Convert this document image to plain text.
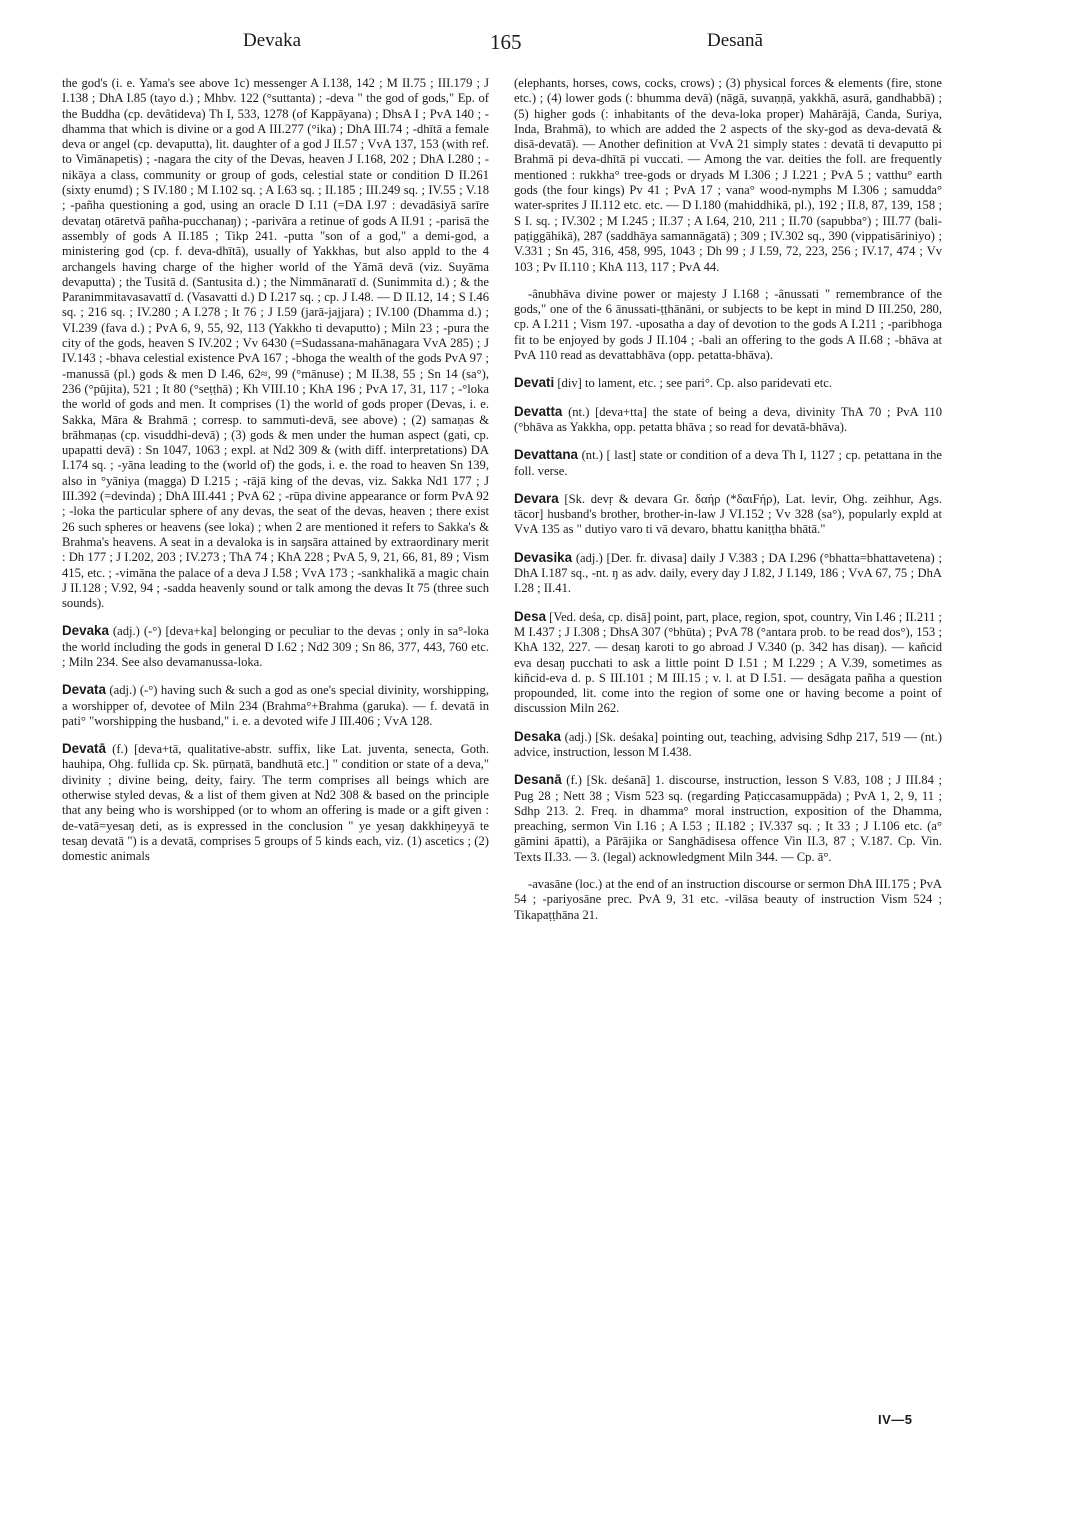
Devaka	165	Desanā

the god's (i. e. Yama's see above 1c) messenger A I.138, 142 ; M II.75 ; III.179 ; J I.138 ; DhA I.85 (tayo d.) ; Mhbv. 122 (°suttanta) ; -deva " the god of gods," Ep. of the Buddha (cp. devâtideva) Th I, 533, 1278 (of Kappāyana) ; DhsA I ; PvA 140 ; -dhamma that which is divine or a god A III.277 (°ika) ; DhA III.74 ; -dhītā a female deva or angel (cp. devaputta), lit. daughter of a god J II.57 ; VvA 137, 153 (with ref. to Vimānapetis) ; -nagara the city of the Devas, heaven J I.168, 202 ; DhA I.280 ; -nikāya a class, community or group of gods, celestial state or condition D II.261 (sixty enumd) ; S IV.180 ; M I.102 sq. ; A I.63 sq. ; II.185 ; III.249 sq. ; IV.55 ; V.18 ; -pañha questioning a god, using an oracle D I.11 (=DA I.97 : devadāsiyā sarīre devataŋ otāretvā pañha-pucchanaŋ) ; -parivāra a retinue of gods A II.91 ; -parisā the assembly of gods A II.185 ; Tikp 241. -putta "son of a god," a demi-god, a ministering god (cp. f. deva-dhītā), usually of Yakkhas, but also appld to the 4 archangels having charge of the higher world of the Yāmā devā (viz. Suyāma devaputta) ; the Tusitā d. (Santusita d.) ; the Nimmānaratī d. (Sunimmita d.) ; & the Paranimmitavasavattī d. (Vasavatti d.) D I.217 sq. ; cp. J I.48. — D II.12, 14 ; S I.46 sq. ; 216 sq. ; IV.280 ; A I.278 ; It 76 ; J I.59 (jarā-jajjara) ; IV.100 (Dhamma d.) ; VI.239 (fava d.) ; PvA 6, 9, 55, 92, 113 (Yakkho ti devaputto) ; Miln 23 ; -pura the city of the gods, heaven S IV.202 ; Vv 6430 (=Sudassana-mahānagara VvA 285) ; J IV.143 ; -bhava celestial existence PvA 167 ; -bhoga the wealth of the gods PvA 97 ; -manussā (pl.) gods & men D I.46, 62≈, 99 (°mānuse) ; M II.38, 55 ; Sn 14 (sa°), 236 (°pūjita), 521 ; It 80 (°seṭṭhā) ; Kh VIII.10 ; KhA 196 ; PvA 17, 31, 117 ; -°loka the world of gods and men. It comprises (1) the world of gods proper (Devas, i. e. Sakka, Māra & Brahmā ; corresp. to sammuti-devā, see above) ; (2) samaṇas & brāhmaṇas (cp. visuddhi-devā) ; (3) gods & men under the human aspect (gati, cp. upapatti devā) : Sn 1047, 1063 ; expl. at Nd2 309 & (with diff. interpretations) DA I.174 sq. ; -yāna leading to the (world of) the gods, i. e. the road to heaven Sn 139, also in °yāniya (magga) D I.215 ; -rājā king of the devas, viz. Sakka Nd1 177 ; J III.392 (=devinda) ; DhA III.441 ; PvA 62 ; -rūpa divine appearance or form PvA 92 ; -loka the particular sphere of any devas, the seat of the devas, heaven ; there exist 26 such spheres or heavens (see loka) ; when 2 are mentioned it refers to Sakka's & Brahma's heavens. A seat in a devaloka is in saŋsāra attained by extraordinary merit : Dh 177 ; J I.202, 203 ; IV.273 ; ThA 74 ; KhA 228 ; PvA 5, 9, 21, 66, 81, 89 ; Vism 415, etc. ; -vimāna the palace of a deva J I.58 ; VvA 173 ; -sankhalikā a magic chain J II.128 ; V.92, 94 ; -sadda heavenly sound or talk among the devas It 75 (three such sounds).

Devaka (adj.) (-°) [deva+ka] belonging or peculiar to the devas ; only in sa°-loka the world including the gods in general D I.62 ; Nd2 309 ; Sn 86, 377, 443, 760 etc. ; Miln 234. See also devamanussa-loka.

Devata (adj.) (-°) having such & such a god as one's special divinity, worshipping, a worshipper of, devotee of Miln 234 (Brahma°+Brahma (garuka). — f. devatā in pati° "worshipping the husband," i. e. a devoted wife J III.406 ; VvA 128.

Devatā (f.) [deva+tā, qualitative-abstr. suffix, like Lat. juventa, senecta, Goth. hauhipa, Ohg. fullida cp. Sk. pūrṇatā, bandhutā etc.] " condition or state of a deva," divinity ; divine being, deity, fairy. The term comprises all beings which are otherwise styled devas, & a list of them given at Nd2 308 & based on the principle that any being who is worshipped (or to whom an offering is made or a gift given : de-vatā=yesaŋ deti, as is expressed in the conclusion " ye yesaŋ dakkhiṇeyyā te tesaŋ devatā ") is a devatā, comprises 5 groups of 5 kinds each, viz. (1) ascetics ; (2) domestic animals

(elephants, horses, cows, cocks, crows) ; (3) physical forces & elements (fire, stone etc.) ; (4) lower gods (: bhumma devā) (nāgā, suvaṇṇā, yakkhā, asurā, gandhabbā) ; (5) higher gods (: inhabitants of the deva-loka proper) Mahārājā, Canda, Suriya, Inda, Brahmā), to which are added the 2 aspects of the sky-god as deva-devatā & disā-devatā). — Another definition at VvA 21 simply states : devatā ti devaputto pi Brahmā pi deva-dhītā pi vuccati. — Among the var. deities the foll. are frequently mentioned : rukkha° tree-gods or dryads M I.306 ; J I.221 ; PvA 5 ; vatthu° earth gods (the four kings) Pv 41 ; PvA 17 ; vana° wood-nymphs M I.306 ; samudda° water-sprites J II.112 etc. etc. — D I.180 (mahiddhikā, pl.), 192 ; II.8, 87, 139, 158 ; S I. sq. ; IV.302 ; M I.245 ; II.37 ; A I.64, 210, 211 ; II.70 (sapubba°) ; III.77 (bali-paṭiggāhikā), 287 (saddhāya samannāgatā) ; 309 ; IV.302 sq., 390 (vippatisāriniyo) ; V.331 ; Sn 45, 316, 458, 995, 1043 ; Dh 99 ; J I.59, 72, 223, 256 ; IV.17, 474 ; Vv 103 ; Pv II.110 ; KhA 113, 117 ; PvA 44.

-ânubhāva divine power or majesty J I.168 ; -ânussati " remembrance of the gods," one of the 6 ānussati-ṭṭhānāni, or subjects to be kept in mind D III.250, 280, cp. A I.211 ; Vism 197. -uposatha a day of devotion to the gods A I.211 ; -paribhoga fit to be enjoyed by gods J II.104 ; -bali an offering to the gods A II.68 ; -bhāva at PvA 110 read as devattabhāva (opp. petatta-bhāva).

Devati [div] to lament, etc. ; see pari°. Cp. also paridevati etc.

Devatta (nt.) [deva+tta] the state of being a deva, divinity ThA 70 ; PvA 110 (°bhāva as Yakkha, opp. petatta bhāva ; so read for devatā-bhāva).

Devattana (nt.) [ last] state or condition of a deva Th I, 1127 ; cp. petattana in the foll. verse.

Devara [Sk. devṛ & devara Gr. δαήρ (*δαιFήρ), Lat. levir, Ohg. zeihhur, Ags. tācor] husband's brother, brother-in-law J VI.152 ; Vv 328 (sa°), popularly expld at VvA 135 as " dutiyo varo ti vā devaro, bhattu kaniṭṭha bhātā."

Devasika (adj.) [Der. fr. divasa] daily J V.383 ; DA I.296 (°bhatta=bhattavetena) ; DhA I.187 sq., -nt. ŋ as adv. daily, every day J I.82, J I.149, 186 ; VvA 67, 75 ; DhA I.28 ; II.41.

Desa [Ved. deśa, cp. disā] point, part, place, region, spot, country, Vin I.46 ; II.211 ; M I.437 ; J I.308 ; DhsA 307 (°bhūta) ; PvA 78 (°antara prob. to be read dos°), 153 ; KhA 132, 227. — desaŋ karoti to go abroad J V.340 (p. 342 has disaŋ). — kañcid eva desaŋ pucchati to ask a little point D I.51 ; M I.229 ; A V.39, sometimes as kiñcid-eva d. p. S III.101 ; M III.15 ; v. l. at D I.51. — desāgata pañha a question propounded, lit. come into the region of some one or having become a point of discussion Miln 262.

Desaka (adj.) [Sk. deśaka] pointing out, teaching, advising Sdhp 217, 519 — (nt.) advice, instruction, lesson M I.438.

Desanā (f.) [Sk. deśanā] 1. discourse, instruction, lesson S V.83, 108 ; J III.84 ; Pug 28 ; Nett 38 ; Vism 523 sq. (regarding Paṭiccasamuppāda) ; PvA 1, 2, 9, 11 ; Sdhp 213. 2. Freq. in dhamma° moral instruction, exposition of the Dhamma, preaching, sermon Vin I.16 ; A I.53 ; II.182 ; IV.337 sq. ; It 33 ; J I.106 etc. (a° gāmini āpatti), a Pārājika or Sanghādisesa offence Vin II.3, 87 ; V.187. Cp. Vin. Texts II.33. — 3. (legal) acknowledgment Miln 344. — Cp. ā°.

-avasāne (loc.) at the end of an instruction discourse or sermon DhA III.175 ; PvA 54 ; -pariyosāne prec. PvA 9, 31 etc. -vilāsa beauty of instruction Vism 524 ; Tikapaṭṭhāna 21.

IV—5
